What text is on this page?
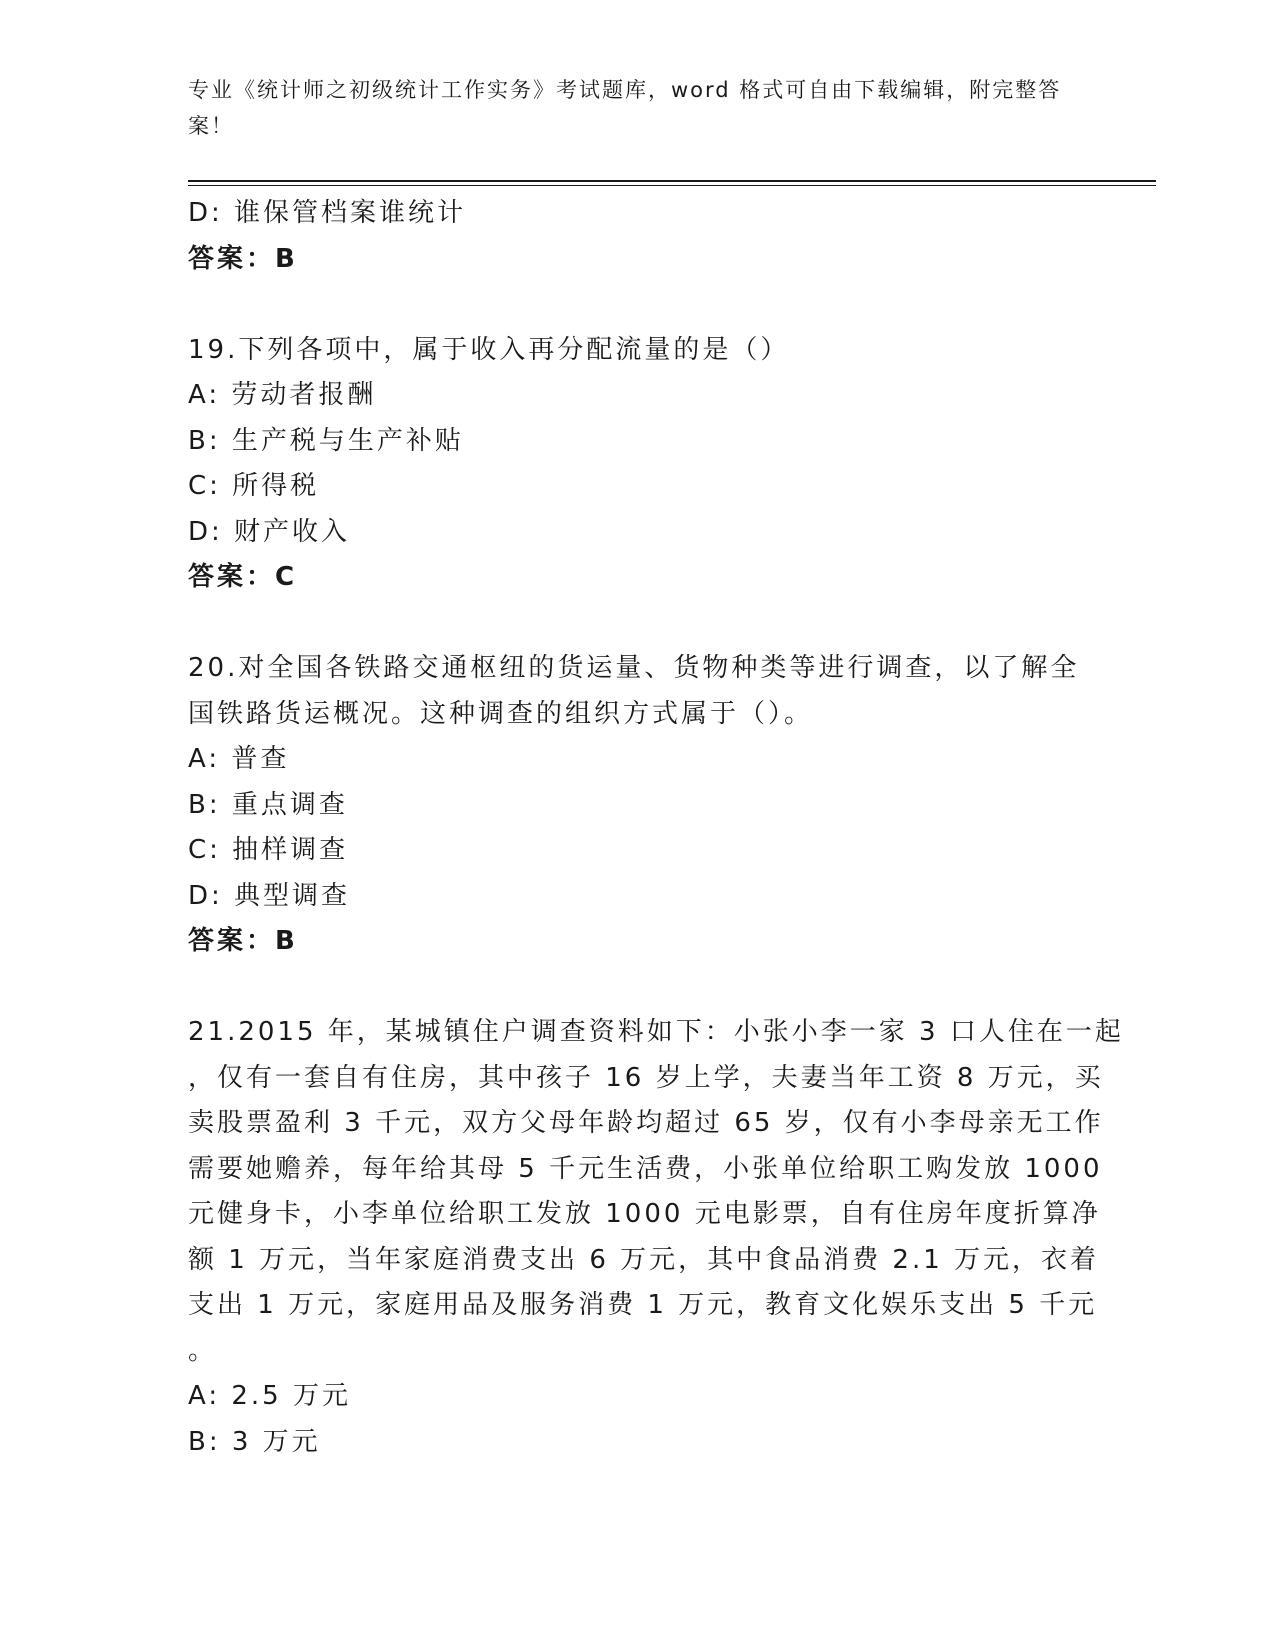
专业《统计师之初级统计工作实务》考试题库，word 格式可自由下载编辑，附完整答案！
D: 谁保管档案谁统计
答案：B
19.下列各项中，属于收入再分配流量的是（）
A: 劳动者报酬
B: 生产税与生产补贴
C: 所得税
D: 财产收入
答案：C
20.对全国各铁路交通枢纽的货运量、货物种类等进行调查，以了解全
国铁路货运概况。这种调查的组织方式属于（）。
A: 普查
B: 重点调查
C: 抽样调查
D: 典型调查
答案：B
21.2015 年，某城镇住户调查资料如下：小张小李一家 3 口人住在一起
，仅有一套自有住房，其中孩子 16 岁上学，夫妻当年工资 8 万元，买
卖股票盈利 3 千元，双方父母年龄均超过 65 岁，仅有小李母亲无工作
需要她赡养，每年给其母 5 千元生活费，小张单位给职工购发放 1000
元健身卡，小李单位给职工发放 1000 元电影票，自有住房年度折算净
额 1 万元，当年家庭消费支出 6 万元，其中食品消费 2.1 万元，衣着
支出 1 万元，家庭用品及服务消费 1 万元，教育文化娱乐支出 5 千元
。
A: 2.5 万元
B: 3 万元
